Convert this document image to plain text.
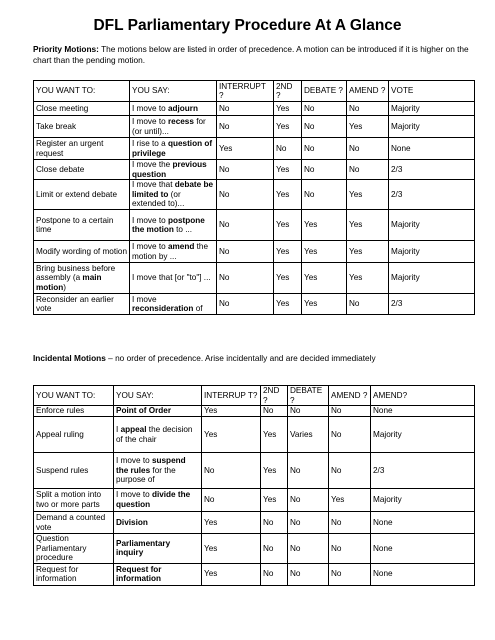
DFL Parliamentary Procedure At A Glance
Priority Motions: The motions below are listed in order of precedence. A motion can be introduced if it is higher on the chart than the pending motion.
YOU WANT TO:	YOU SAY:	INTERRUPT ?	2ND ?	DEBATE ?	AMEND ?	VOTE
Close meeting	I move to adjourn	No	Yes	No	No	Majority
Take break	I move to recess for (or until)...	No	Yes	No	Yes	Majority
Register an urgent request	I rise to a question of privilege	Yes	No	No	No	None
Close debate	I move the previous question	No	Yes	No	No	2/3
Limit or extend debate	I move that debate be limited to (or extended to)...	No	Yes	No	Yes	2/3
Postpone to a certain time	I move to postpone the motion to ...	No	Yes	Yes	Yes	Majority
Modify wording of motion	I move to amend the motion by ...	No	Yes	Yes	Yes	Majority
Bring business before assembly (a main motion)	I move that [or "to"] ...	No	Yes	Yes	Yes	Majority
Reconsider an earlier vote	I move reconsideration of	No	Yes	Yes	No	2/3
Incidental Motions – no order of precedence. Arise incidentally and are decided immediately
YOU WANT TO:	YOU SAY:	INTERRUP T?	2ND ?	DEBATE ?	AMEND ?	AMEND?
Enforce rules	Point of Order	Yes	No	No	No	None
Appeal ruling	I appeal the decision of the chair	Yes	Yes	Varies	No	Majority
Suspend rules	I move to suspend the rules for the purpose of	No	Yes	No	No	2/3
Split a motion into two or more parts	I move to divide the question	No	Yes	No	Yes	Majority
Demand a counted vote	Division	Yes	No	No	No	None
Question Parliamentary procedure	Parliamentary inquiry	Yes	No	No	No	None
Request for information	Request for information	Yes	No	No	No	None
